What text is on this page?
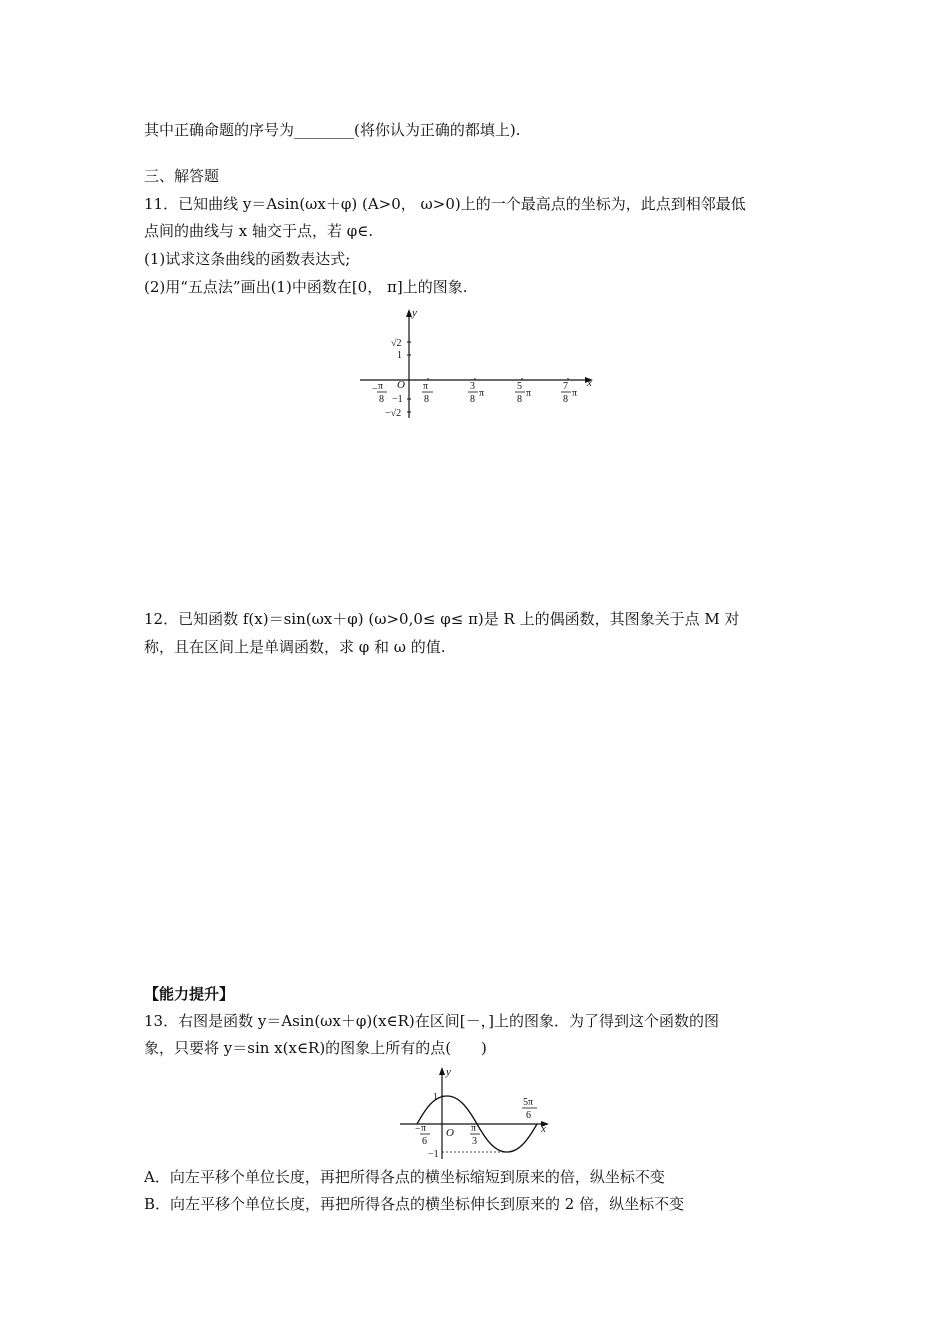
其中正确命题的序号为________(将你认为正确的都填上).
三、解答题
11．已知曲线 y＝Asin(ωx＋φ) (A>0， ω>0)上的一个最高点的坐标为，此点到相邻最低
点间的曲线与 x 轴交于点，若 φ∈.
(1)试求这条曲线的函数表达式;
(2)用“五点法”画出(1)中函数在[0， π]上的图象.
y
x
O
√2
1
−1
−√2
− π
8
π
8
3
8
π
5
8
π
7
8
π
12．已知函数 f(x)＝sin(ωx＋φ) (ω>0,0≤ φ≤ π)是 R 上的偶函数，其图象关于点 M 对
称，且在区间上是单调函数，求 φ 和 ω 的值.
【能力提升】
13．右图是函数 y＝Asin(ωx＋φ)(x∈R)在区间[－，]上的图象．为了得到这个函数的图
象，只要将 y＝sin x(x∈R)的图象上所有的点(　　)
y
x
O
1
−1
− π
6
π
3
5π
6
A．向左平移个单位长度，再把所得各点的横坐标缩短到原来的倍，纵坐标不变
B．向左平移个单位长度，再把所得各点的横坐标伸长到原来的 2 倍，纵坐标不变
